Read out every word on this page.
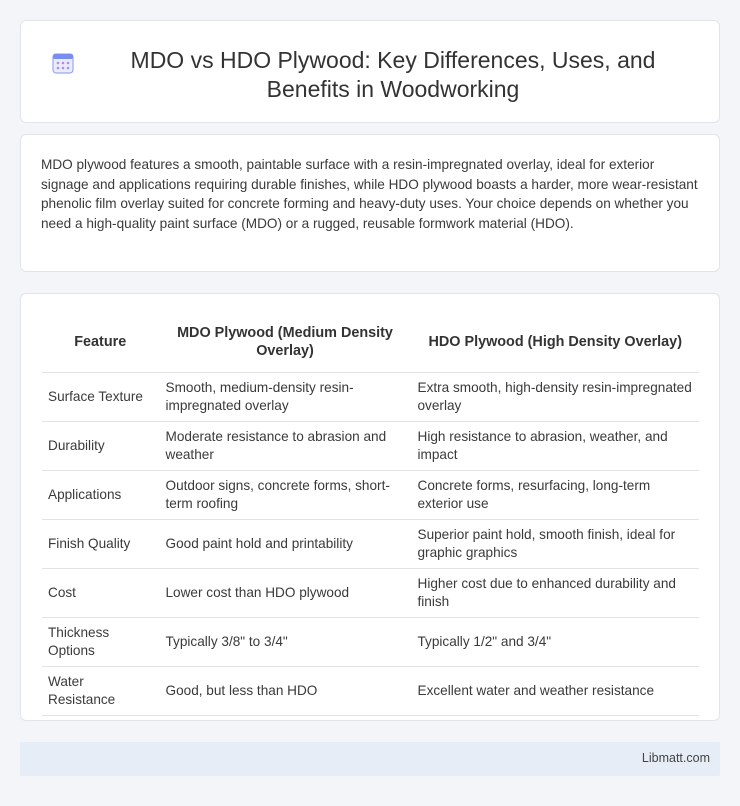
MDO vs HDO Plywood: Key Differences, Uses, and Benefits in Woodworking

MDO plywood features a smooth, paintable surface with a resin-impregnated overlay, ideal for exterior signage and applications requiring durable finishes, while HDO plywood boasts a harder, more wear-resistant phenolic film overlay suited for concrete forming and heavy-duty uses. Your choice depends on whether you need a high-quality paint surface (MDO) or a rugged, reusable formwork material (HDO).

Feature	MDO Plywood (Medium Density Overlay)	HDO Plywood (High Density Overlay)
Surface Texture	Smooth, medium-density resin-impregnated overlay	Extra smooth, high-density resin-impregnated overlay
Durability	Moderate resistance to abrasion and weather	High resistance to abrasion, weather, and impact
Applications	Outdoor signs, concrete forms, short-term roofing	Concrete forms, resurfacing, long-term exterior use
Finish Quality	Good paint hold and printability	Superior paint hold, smooth finish, ideal for graphic graphics
Cost	Lower cost than HDO plywood	Higher cost due to enhanced durability and finish
Thickness Options	Typically 3/8" to 3/4"	Typically 1/2" and 3/4"
Water Resistance	Good, but less than HDO	Excellent water and weather resistance
Libmatt.com
